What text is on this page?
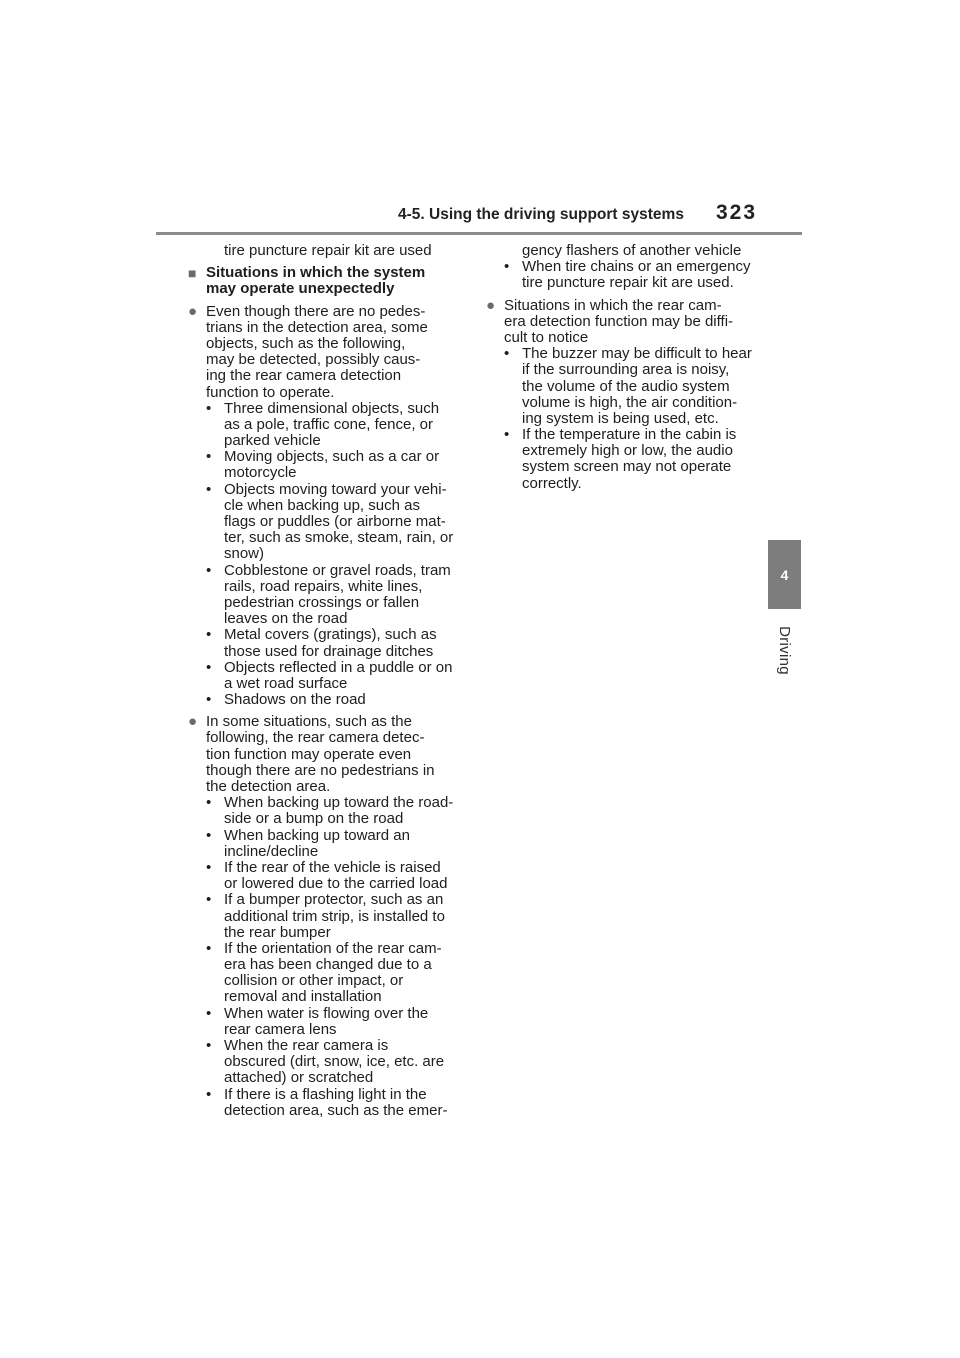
4-5. Using the driving support systems 323
4
Driving
tire puncture repair kit are used
■ Situations in which the system
may operate unexpectedly
● Even though there are no pedes-
trians in the detection area, some
objects, such as the following,
may be detected, possibly caus-
ing the rear camera detection
function to operate.
• Three dimensional objects, such
as a pole, traffic cone, fence, or
parked vehicle
• Moving objects, such as a car or
motorcycle
• Objects moving toward your vehi-
cle when backing up, such as
flags or puddles (or airborne mat-
ter, such as smoke, steam, rain, or
snow)
• Cobblestone or gravel roads, tram
rails, road repairs, white lines,
pedestrian crossings or fallen
leaves on the road
• Metal covers (gratings), such as
those used for drainage ditches
• Objects reflected in a puddle or on
a wet road surface
• Shadows on the road
● In some situations, such as the
following, the rear camera detec-
tion function may operate even
though there are no pedestrians in
the detection area.
• When backing up toward the road-
side or a bump on the road
• When backing up toward an
incline/decline
• If the rear of the vehicle is raised
or lowered due to the carried load
• If a bumper protector, such as an
additional trim strip, is installed to
the rear bumper
• If the orientation of the rear cam-
era has been changed due to a
collision or other impact, or
removal and installation
• When water is flowing over the
rear camera lens
• When the rear camera is
obscured (dirt, snow, ice, etc. are
attached) or scratched
• If there is a flashing light in the
detection area, such as the emer-
gency flashers of another vehicle
• When tire chains or an emergency
tire puncture repair kit are used.
● Situations in which the rear cam-
era detection function may be diffi-
cult to notice
• The buzzer may be difficult to hear
if the surrounding area is noisy,
the volume of the audio system
volume is high, the air condition-
ing system is being used, etc.
• If the temperature in the cabin is
extremely high or low, the audio
system screen may not operate
correctly.
